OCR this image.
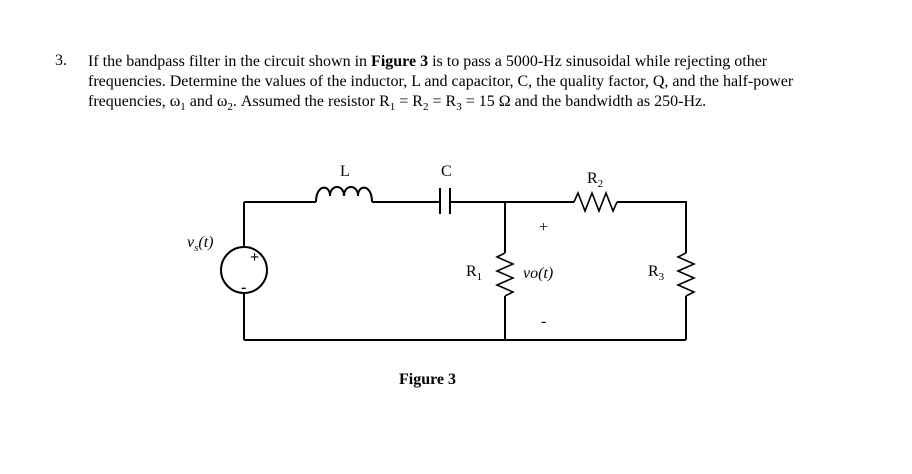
3. If the bandpass filter in the circuit shown in Figure 3 is to pass a 5000-Hz sinusoidal while rejecting other frequencies. Determine the values of the inductor, L and capacitor, C, the quality factor, Q, and the half-power frequencies, $\omega_1$ and $\omega_2$. Assumed the resistor $R_1 = R_2 = R_3 = 15$ Ω and the bandwidth as 250-Hz.
L	C	$R_2$
$R_1$	$R_3$
$v_s(t)$
+
-
+
vo(t)
-
Figure 3
